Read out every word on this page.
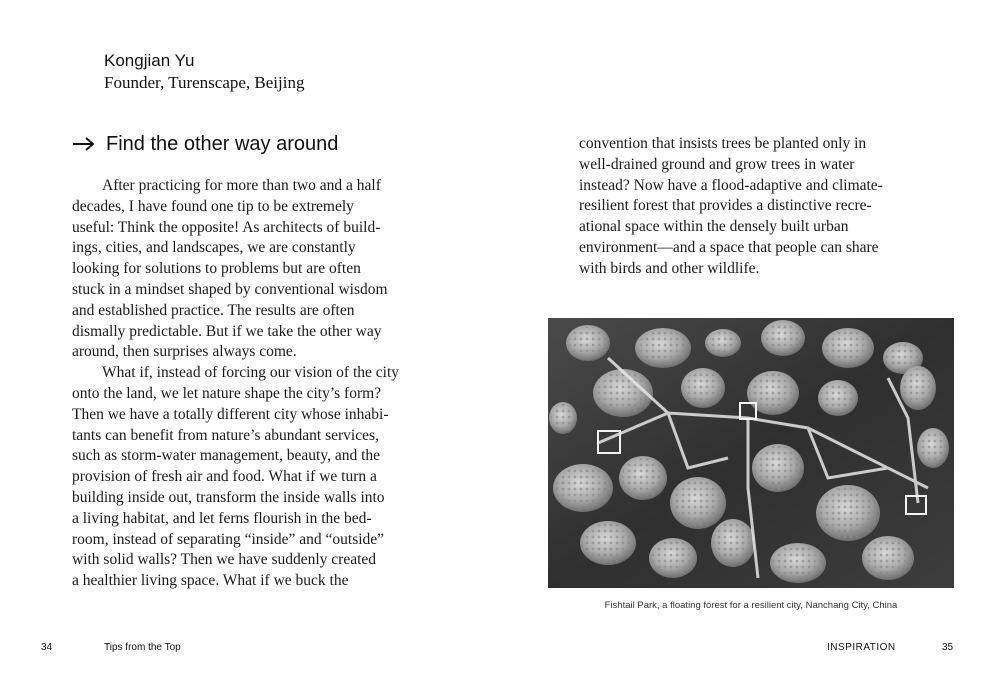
Kongjian Yu
Founder, Turenscape, Beijing
Find the other way around
After practicing for more than two and a half
decades, I have found one tip to be extremely
useful: Think the opposite! As architects of build-
ings, cities, and landscapes, we are constantly
looking for solutions to problems but are often
stuck in a mindset shaped by conventional wisdom
and established practice. The results are often
dismally predictable. But if we take the other way
around, then surprises always come.
What if, instead of forcing our vision of the city
onto the land, we let nature shape the city’s form?
Then we have a totally different city whose inhabi-
tants can benefit from nature’s abundant services,
such as storm-water management, beauty, and the
provision of fresh air and food. What if we turn a
building inside out, transform the inside walls into
a living habitat, and let ferns flourish in the bed-
room, instead of separating “inside” and “outside”
with solid walls? Then we have suddenly created
a healthier living space. What if we buck the
convention that insists trees be planted only in
well-drained ground and grow trees in water
instead? Now have a flood-adaptive and climate-
resilient forest that provides a distinctive recre-
ational space within the densely built urban
environment—and a space that people can share
with birds and other wildlife.
Fishtail Park, a floating forest for a resilient city, Nanchang City, China
34	Tips from the Top	INSPIRATION	35
